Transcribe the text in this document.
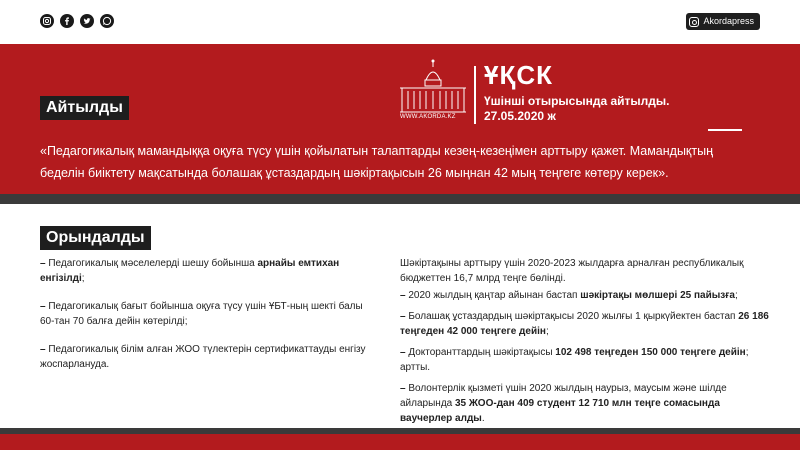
Akordapress
Айтылды
WWW.AKORDA.KZ
ҰҚСК
Үшінші отырысында айтылды.
27.05.2020 ж
«Педагогикалық мамандыққа оқуға түсу үшін қойылатын талаптарды кезең-кезеңімен арттыру қажет. Мамандықтың беделін биіктету мақсатында болашақ ұстаздардың шәкіртақысын 26 мыңнан 42 мың теңгеге көтеру керек».
Орындалды
– Педагогикалық мәселелерді шешу бойынша арнайы емтихан енгізілді;
– Педагогикалық бағыт бойынша оқуға түсу үшін ҰБТ-ның шекті балы 60-тан 70 балға дейін көтерілді;
– Педагогикалық білім алған ЖОО түлектерін сертификаттауды енгізу жоспарлануда.
Шәкіртақыны арттыру үшін 2020-2023 жылдарға арналған республикалық бюджеттен 16,7 млрд теңге бөлінді.
– 2020 жылдың қаңтар айынан бастап шәкіртақы мөлшері 25 пайызға;
– Болашақ ұстаздардың шәкіртақысы 2020 жылғы 1 қыркүйектен бастап 26 186 теңгеден 42 000 теңгеге дейін;
– Докторанттардың шәкіртақысы 102 498 теңгеден 150 000 теңгеге дейін; артты.
– Волонтерлік қызметі үшін 2020 жылдың наурыз, маусым және шілде айларында 35 ЖОО-дан 409 студент 12 710 млн теңге сомасында ваучерлер алды.
